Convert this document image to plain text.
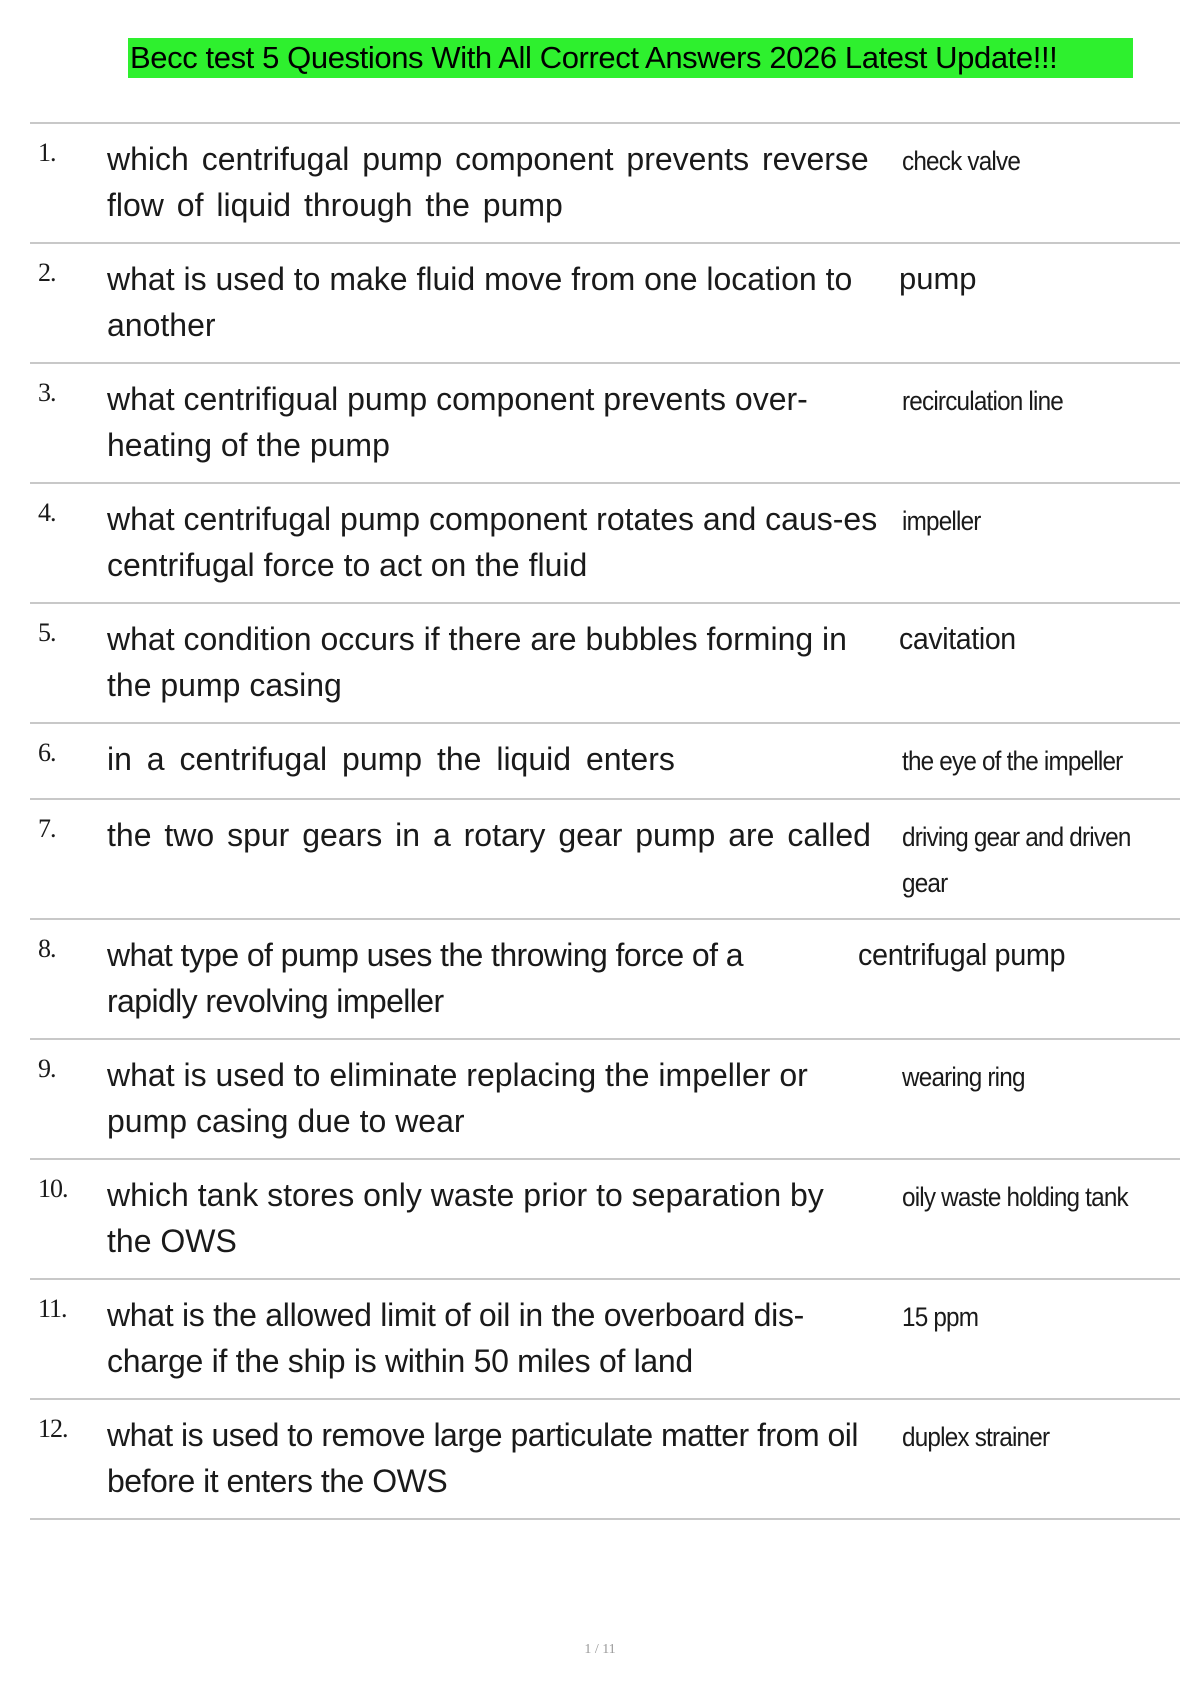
Becc test 5 Questions With All Correct Answers 2026 Latest Update!!!
1. which centrifugal pump component prevents reverse flow of liquid through the pump
check valve
2. what is used to make fluid move from one location to another
pump
3. what centrifigual pump component prevents over-heating of the pump
recirculation line
4. what centrifugal pump component rotates and caus-es centrifugal force to act on the fluid
impeller
5. what condition occurs if there are bubbles forming in the pump casing
cavitation
6. in a centrifugal pump the liquid enters	the eye of the impeller
7. the two spur gears in a rotary gear pump are called	driving gear and driven gear
8. what type of pump uses the throwing force of a rapidly revolving impeller
centrifugal pump
9. what is used to eliminate replacing the impeller or pump casing due to wear
wearing ring
10. which tank stores only waste prior to separation by the OWS
oily waste holding tank
11. what is the allowed limit of oil in the overboard dis-charge if the ship is within 50 miles of land
15 ppm
12. what is used to remove large particulate matter from oil before it enters the OWS
duplex strainer
1 / 11
